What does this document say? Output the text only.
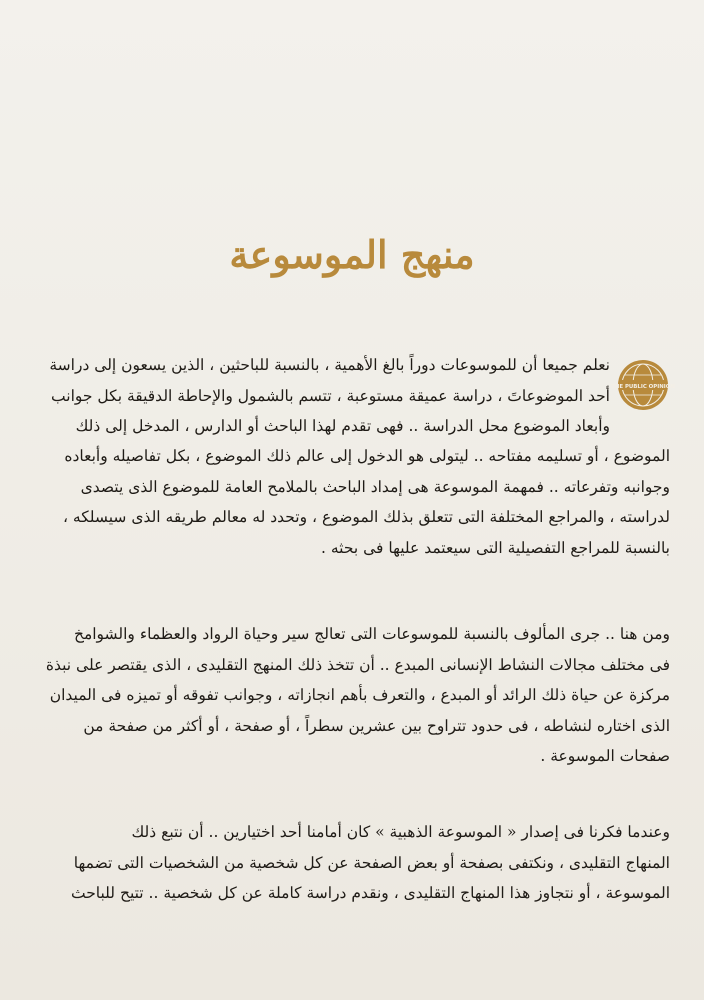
منهج الموسوعة
THE PUBLIC OPINION
نعلم جميعا أن للموسوعات دوراً بالغ الأهمية ، بالنسبة للباحثين ، الذين يسعون إلى دراسة
أحد الموضوعاتَ ، دراسة عميقة مستوعبة ، تتسم بالشمول والإحاطة الدقيقة بكل جوانب
وأبعاد الموضوع محل الدراسة .. فهى تقدم لهذا الباحث أو الدارس ، المدخل إلى ذلك
الموضوع ، أو تسليمه مفتاحه .. ليتولى هو الدخول إلى عالم ذلك الموضوع ، بكل تفاصيله وأبعاده
وجوانبه وتفرعاته .. فمهمة الموسوعة هى إمداد الباحث بالملامح العامة للموضوع الذى يتصدى
لدراسته ، والمراجع المختلفة التى تتعلق بذلك الموضوع ، وتحدد له معالم طريقه الذى سيسلكه ،
بالنسبة للمراجع التفصيلية التى سيعتمد عليها فى بحثه .
ومن هنا .. جرى المألوف بالنسبة للموسوعات التى تعالج سير وحياة الرواد والعظماء والشوامخ
فى مختلف مجالات النشاط الإنسانى المبدع .. أن تتخذ ذلك المنهج التقليدى ، الذى يقتصر على نبذة
مركزة عن حياة ذلك الرائد أو المبدع ، والتعرف بأهم انجازاته ، وجوانب تفوقه أو تميزه فى الميدان
الذى اختاره لنشاطه ، فى حدود تتراوح بين عشرين سطراً ، أو صفحة ، أو أكثر من صفحة من
صفحات الموسوعة .
وعندما فكرنا فى إصدار « الموسوعة الذهبية » كان أمامنا أحد اختيارين .. أن نتبع ذلك
المنهاج التقليدى ، ونكتفى بصفحة أو بعض الصفحة عن كل شخصية من الشخصيات التى تضمها
الموسوعة ، أو نتجاوز هذا المنهاج التقليدى ، ونقدم دراسة كاملة عن كل شخصية .. تتيح للباحث
